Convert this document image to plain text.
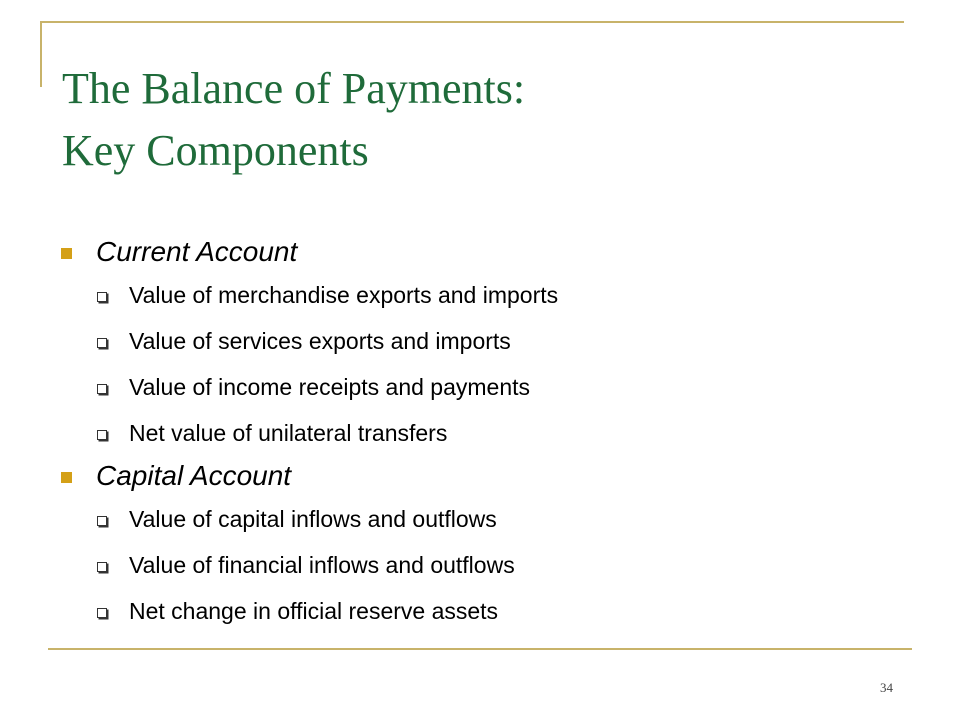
The Balance of Payments:
Key Components
Current Account
Value of merchandise exports and imports
Value of services exports and imports
Value of income receipts and payments
Net value of unilateral transfers
Capital Account
Value of capital inflows and outflows
Value of financial inflows and outflows
Net change in official reserve assets
34
